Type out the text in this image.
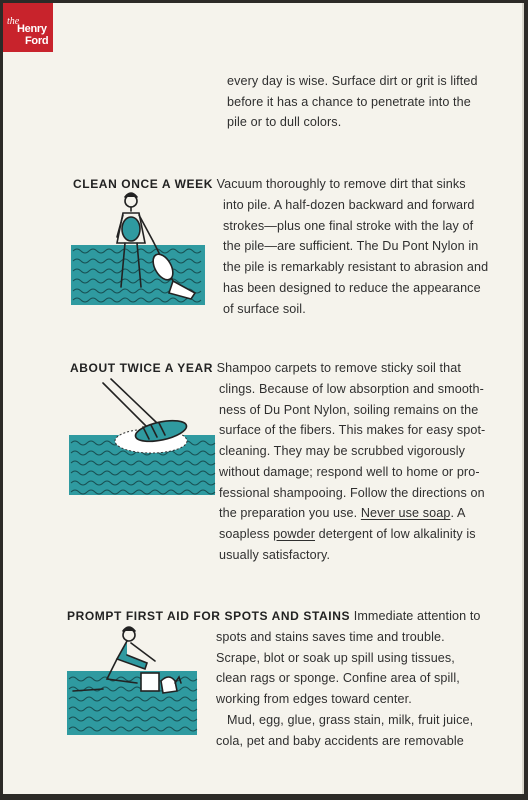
the
Henry
Ford
every day is wise. Surface dirt or grit is lifted
before it has a chance to penetrate into the
pile or to dull colors.
CLEAN ONCE A WEEK Vacuum thoroughly to remove dirt that sinks
into pile. A half-dozen backward and forward
strokes—plus one final stroke with the lay of
the pile—are sufficient. The Du Pont Nylon in
the pile is remarkably resistant to abrasion and
has been designed to reduce the appearance
of surface soil.
ABOUT TWICE A YEAR Shampoo carpets to remove sticky soil that
clings. Because of low absorption and smooth-
ness of Du Pont Nylon, soiling remains on the
surface of the fibers. This makes for easy spot-
cleaning. They may be scrubbed vigorously
without damage; respond well to home or pro-
fessional shampooing. Follow the directions on
the preparation you use. Never use soap. A
soapless powder detergent of low alkalinity is
usually satisfactory.
PROMPT FIRST AID FOR SPOTS AND STAINS Immediate attention to
spots and stains saves time and trouble.
Scrape, blot or soak up spill using tissues,
clean rags or sponge. Confine area of spill,
working from edges toward center.
Mud, egg, glue, grass stain, milk, fruit juice,
cola, pet and baby accidents are removable
